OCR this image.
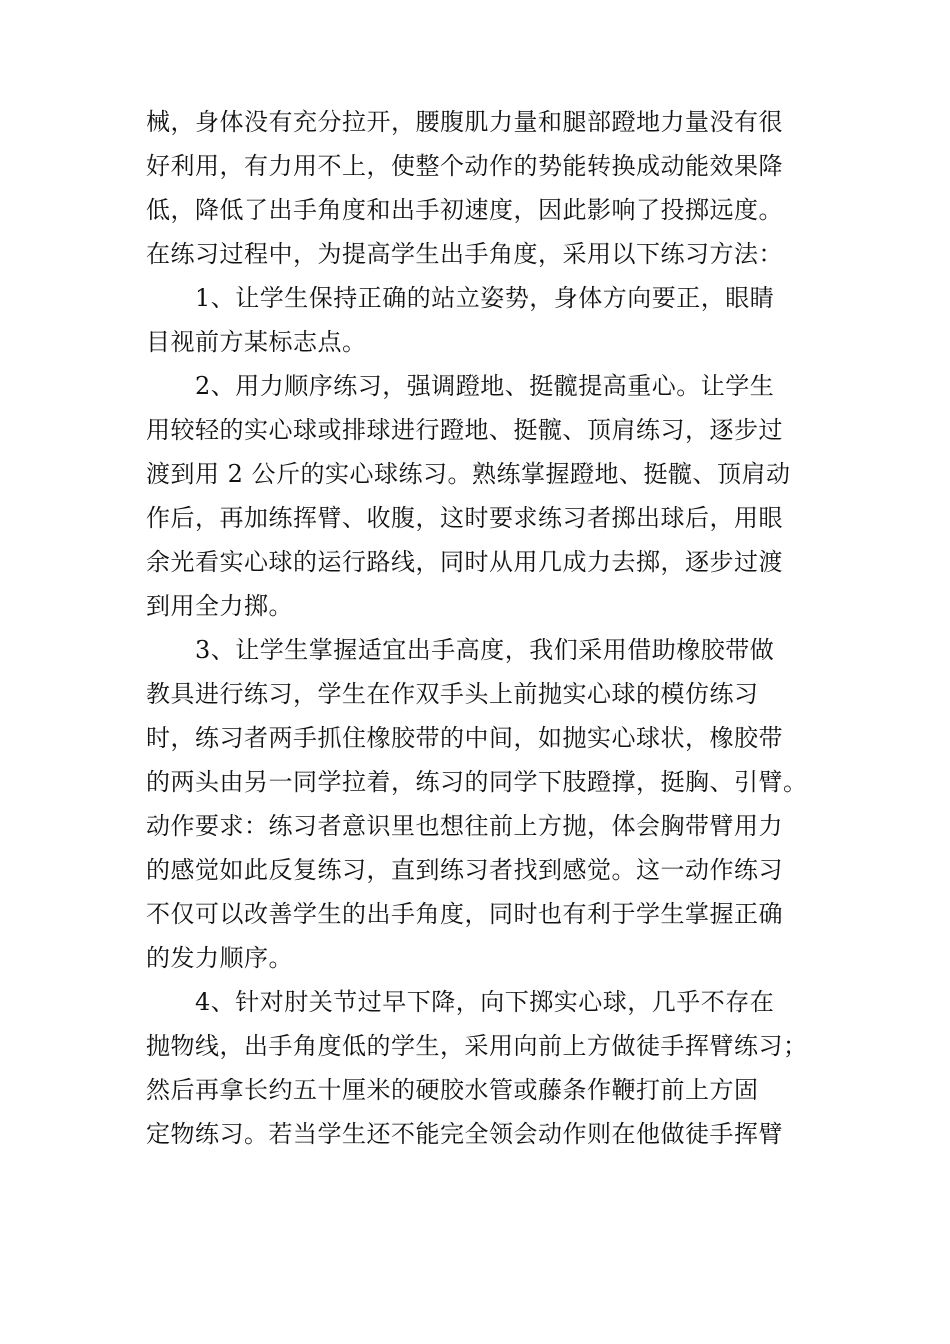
械，身体没有充分拉开，腰腹肌力量和腿部蹬地力量没有很
好利用，有力用不上，使整个动作的势能转换成动能效果降
低，降低了出手角度和出手初速度，因此影响了投掷远度。
在练习过程中，为提高学生出手角度，采用以下练习方法：
　　1、让学生保持正确的站立姿势，身体方向要正，眼睛
目视前方某标志点。
　　2、用力顺序练习，强调蹬地、挺髋提高重心。让学生
用较轻的实心球或排球进行蹬地、挺髋、顶肩练习，逐步过
渡到用 2 公斤的实心球练习。熟练掌握蹬地、挺髋、顶肩动
作后，再加练挥臂、收腹，这时要求练习者掷出球后，用眼
余光看实心球的运行路线，同时从用几成力去掷，逐步过渡
到用全力掷。
　　3、让学生掌握适宜出手高度，我们采用借助橡胶带做
教具进行练习，学生在作双手头上前抛实心球的模仿练习
时，练习者两手抓住橡胶带的中间，如抛实心球状，橡胶带
的两头由另一同学拉着，练习的同学下肢蹬撑，挺胸、引臂。
动作要求：练习者意识里也想往前上方抛，体会胸带臂用力
的感觉如此反复练习，直到练习者找到感觉。这一动作练习
不仅可以改善学生的出手角度，同时也有利于学生掌握正确
的发力顺序。
　　4、针对肘关节过早下降，向下掷实心球，几乎不存在
抛物线，出手角度低的学生，采用向前上方做徒手挥臂练习；
然后再拿长约五十厘米的硬胶水管或藤条作鞭打前上方固
定物练习。若当学生还不能完全领会动作则在他做徒手挥臂
